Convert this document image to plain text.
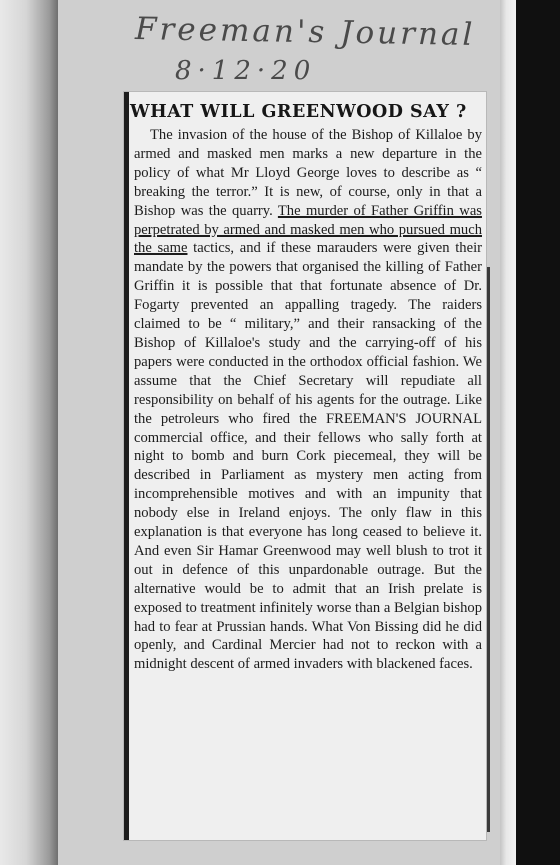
Freeman's Journal
8·12·20
WHAT WILL GREENWOOD SAY ?

The invasion of the house of the Bishop of Killaloe by armed and masked men marks a new departure in the policy of what Mr Lloyd George loves to describe as “ breaking the terror.” It is new, of course, only in that a Bishop was the quarry. The murder of Father Griffin was perpetrated by armed and masked men who pursued much the same tactics, and if these marauders were given their mandate by the powers that organised the killing of Father Griffin it is possible that that fortunate absence of Dr. Fogarty prevented an appalling tragedy. The raiders claimed to be “ military,” and their ransacking of the Bishop of Killaloe's study and the carrying-off of his papers were conducted in the orthodox official fashion. We assume that the Chief Secretary will repudiate all responsibility on behalf of his agents for the outrage. Like the petroleurs who fired the FREEMAN'S JOURNAL commercial office, and their fellows who sally forth at night to bomb and burn Cork piecemeal, they will be described in Parliament as mystery men acting from incomprehensible motives and with an impunity that nobody else in Ireland enjoys. The only flaw in this explanation is that everyone has long ceased to believe it. And even Sir Hamar Greenwood may well blush to trot it out in defence of this unpardonable outrage. But the alternative would be to admit that an Irish prelate is exposed to treatment infinitely worse than a Belgian bishop had to fear at Prussian hands. What Von Bissing did he did openly, and Cardinal Mercier had not to reckon with a midnight descent of armed invaders with blackened faces.
